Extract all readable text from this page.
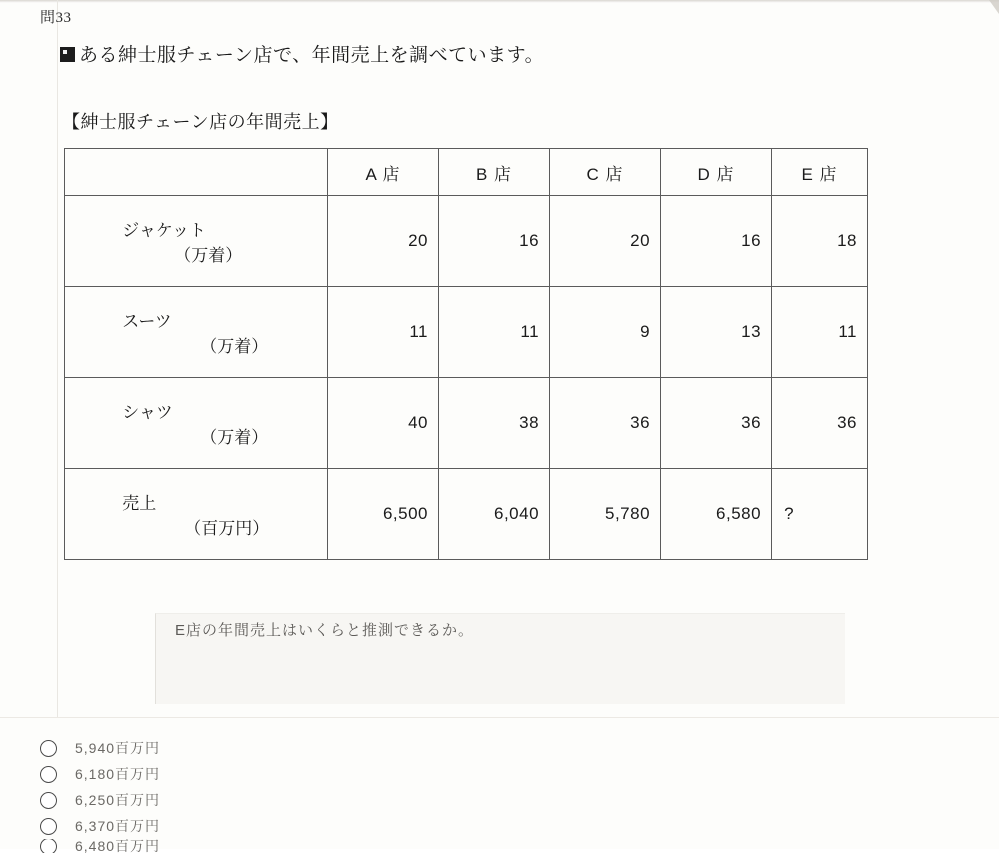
問33
ある紳士服チェーン店で、年間売上を調べています。
【紳士服チェーン店の年間売上】
	A 店	B 店	C 店	D 店	E 店

ジャケット
（万着）	20	16	20	16	18

スーツ
（万着）	11	11	9	13	11

シャツ
（万着）	40	38	36	36	36

売上
（百万円）	6,500	6,040	5,780	6,580	?
E店の年間売上はいくらと推測できるか。
5,940百万円
6,180百万円
6,250百万円
6,370百万円
6,480百万円
